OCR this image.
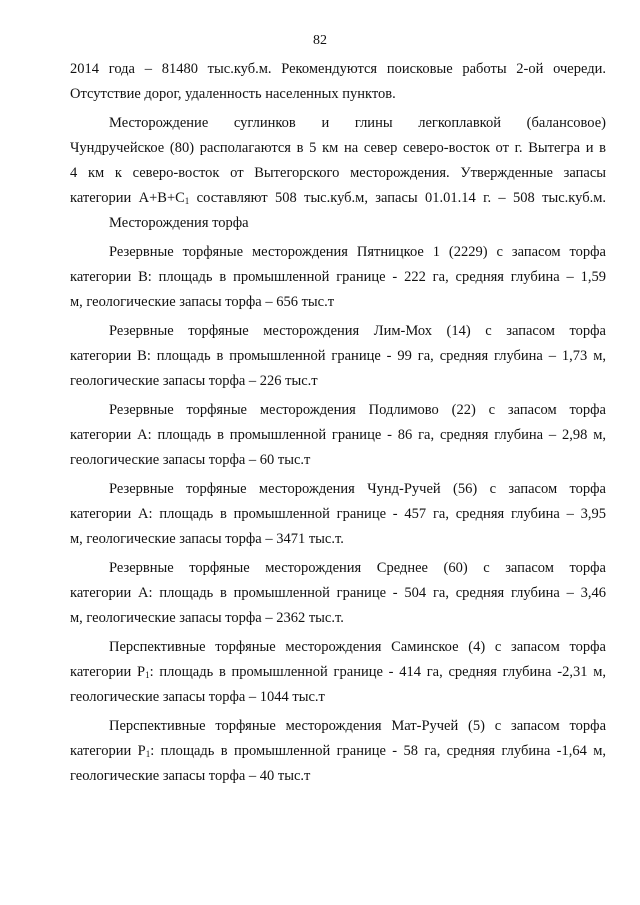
82
2014 года – 81480 тыс.куб.м. Рекомендуются поисковые работы 2-ой очереди.
Отсутствие дорог, удаленность населенных пунктов.
Месторождение суглинков и глины легкоплавкой (балансовое)
Чундручейское (80) располагаются в 5 км на север северо-восток от г. Вытегра и в
4 км к северо-восток от Вытегорского месторождения. Утвержденные запасы
категории $А+В+С_1$ составляют 508 тыс.куб.м, запасы 01.01.14 г. – 508 тыс.куб.м.
Месторождения торфа
Резервные торфяные месторождения Пятницкое 1 (2229) с запасом торфа
категории В: площадь в промышленной границе - 222 га, средняя глубина – 1,59
м, геологические запасы торфа – 656 тыс.т
Резервные торфяные месторождения Лим-Мох (14) с запасом торфа
категории В: площадь в промышленной границе - 99 га, средняя глубина – 1,73 м,
геологические запасы торфа – 226 тыс.т
Резервные торфяные месторождения Подлимово (22) с запасом торфа
категории А: площадь в промышленной границе - 86 га, средняя глубина – 2,98 м,
геологические запасы торфа – 60 тыс.т
Резервные торфяные месторождения Чунд-Ручей (56) с запасом торфа
категории А: площадь в промышленной границе - 457 га, средняя глубина – 3,95
м, геологические запасы торфа – 3471 тыс.т.
Резервные торфяные месторождения Среднее (60) с запасом торфа
категории А: площадь в промышленной границе - 504 га, средняя глубина – 3,46
м, геологические запасы торфа – 2362 тыс.т.
Перспективные торфяные месторождения Саминское (4) с запасом торфа
категории $Р_1$: площадь в промышленной границе - 414 га, средняя глубина -2,31 м,
геологические запасы торфа – 1044 тыс.т
Перспективные торфяные месторождения Мат-Ручей (5) с запасом торфа
категории $Р_1$: площадь в промышленной границе - 58 га, средняя глубина -1,64 м,
геологические запасы торфа – 40 тыс.т
